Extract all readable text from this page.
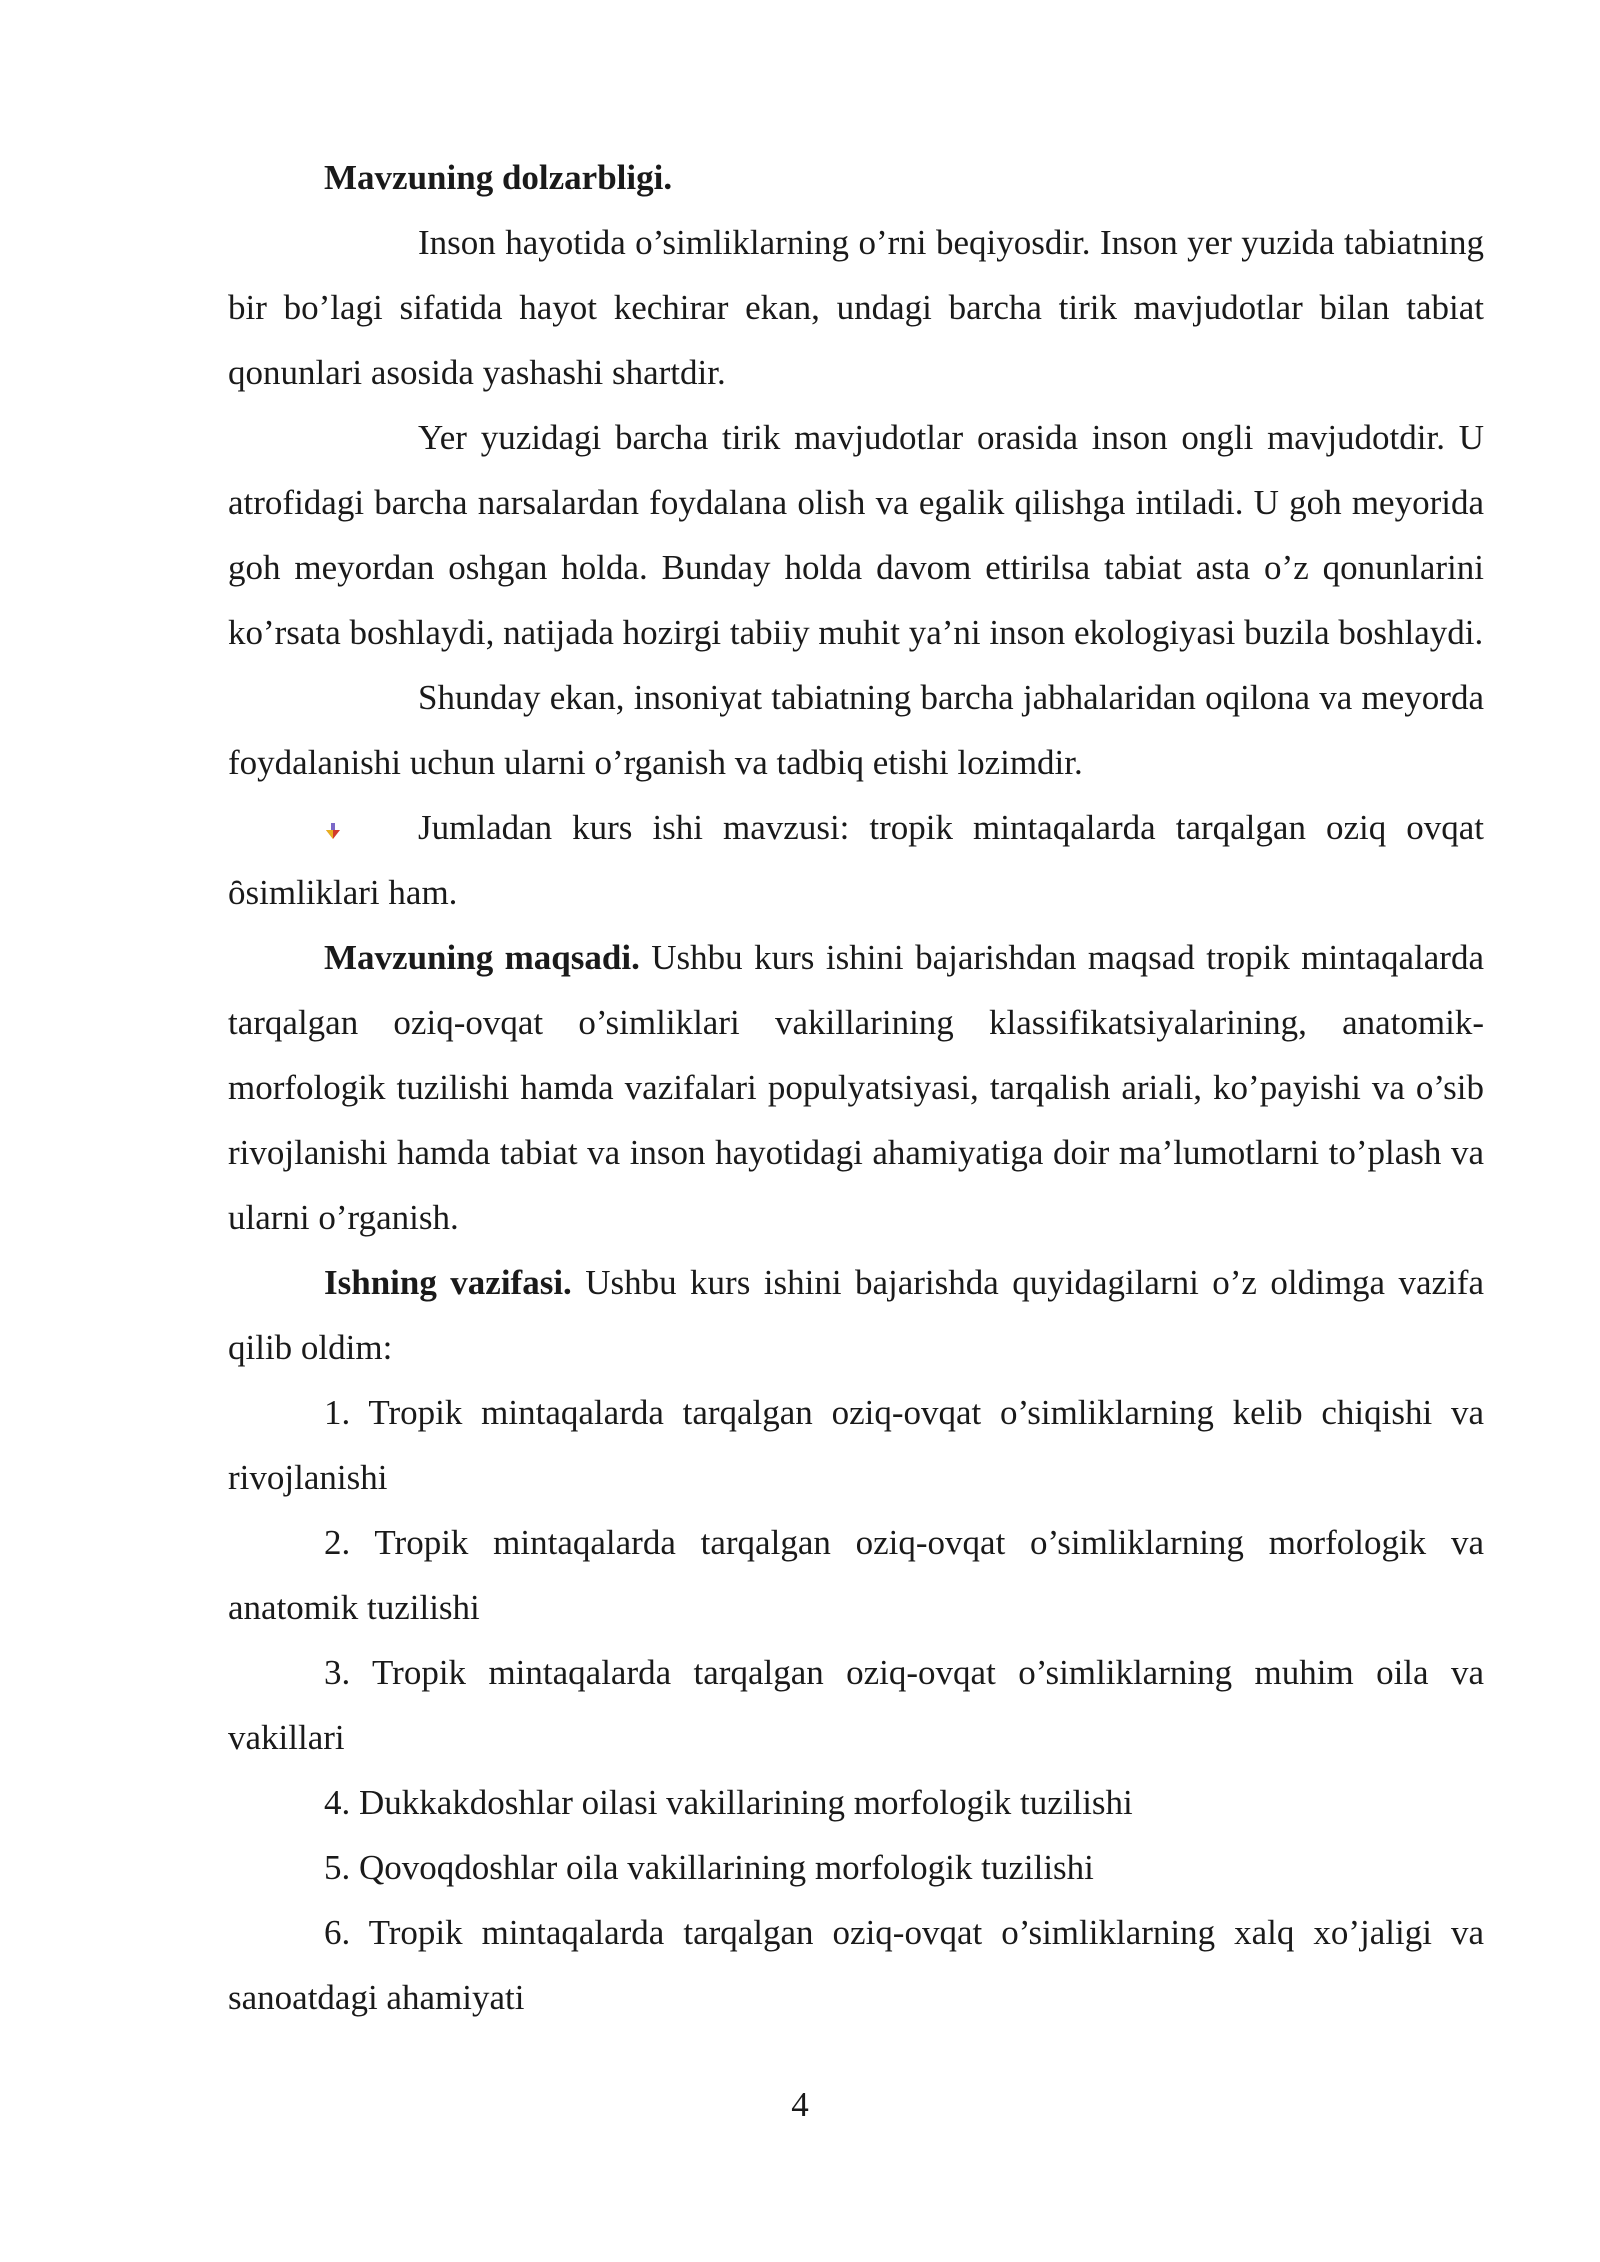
Mavzuning dolzarbligi.

Inson hayotida o’simliklarning o’rni beqiyosdir. Inson yer yuzida tabiatning bir bo’lagi sifatida hayot kechirar ekan, undagi barcha tirik mavjudotlar bilan tabiat qonunlari asosida yashashi shartdir.

Yer yuzidagi barcha tirik mavjudotlar orasida inson ongli mavjudotdir. U atrofidagi barcha narsalardan foydalana olish va egalik qilishga intiladi. U goh meyorida goh meyordan oshgan holda. Bunday holda davom ettirilsa tabiat asta o’z qonunlarini ko’rsata boshlaydi, natijada hozirgi tabiiy muhit ya’ni inson ekologiyasi buzila boshlaydi.

Shunday ekan, insoniyat tabiatning barcha jabhalaridan oqilona va meyorda foydalanishi uchun ularni o’rganish va tadbiq etishi lozimdir.

Jumladan kurs ishi mavzusi: tropik mintaqalarda tarqalgan oziq ovqat ȏsimliklari ham.

Mavzuning maqsadi. Ushbu kurs ishini bajarishdan maqsad tropik mintaqalarda tarqalgan oziq-ovqat o’simliklari vakillarining klassifikatsiyalarining, anatomik- morfologik tuzilishi hamda vazifalari populyatsiyasi, tarqalish ariali, ko’payishi va o’sib rivojlanishi hamda tabiat va inson hayotidagi ahamiyatiga doir ma’lumotlarni to’plash va ularni o’rganish.

Ishning vazifasi. Ushbu kurs ishini bajarishda quyidagilarni o’z oldimga vazifa qilib oldim:

1. Tropik mintaqalarda tarqalgan oziq-ovqat o’simliklarning kelib chiqishi va rivojlanishi

2. Tropik mintaqalarda tarqalgan oziq-ovqat o’simliklarning morfologik va anatomik tuzilishi

3. Tropik mintaqalarda tarqalgan oziq-ovqat o’simliklarning muhim oila va vakillari

4. Dukkakdoshlar oilasi vakillarining morfologik tuzilishi

5. Qovoqdoshlar oila vakillarining morfologik tuzilishi

6. Tropik mintaqalarda tarqalgan oziq-ovqat o’simliklarning xalq xo’jaligi va sanoatdagi ahamiyati

4
